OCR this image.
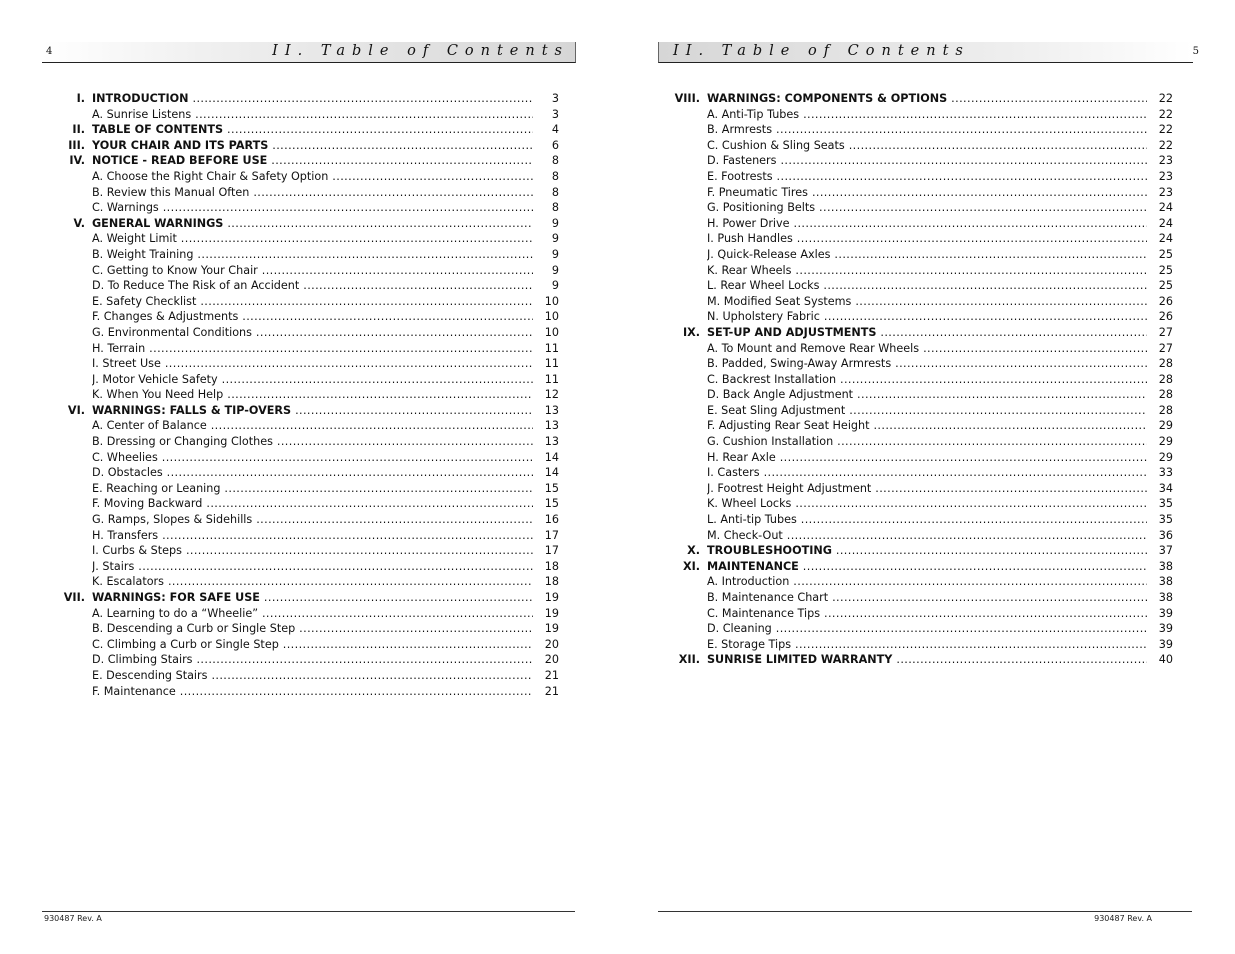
4	II. Table of Contents
I. INTRODUCTION .....	3
A. Sunrise Listens .....	3
II. TABLE OF CONTENTS .....	4
III. YOUR CHAIR AND ITS PARTS .....	6
IV. NOTICE - READ BEFORE USE .....	8
A. Choose the Right Chair & Safety Option .....	8
B. Review this Manual Often .....	8
C. Warnings .....	8
V. GENERAL WARNINGS .....	9
A. Weight Limit .....	9
B. Weight Training .....	9
C. Getting to Know Your Chair .....	9
D. To Reduce The Risk of an Accident .....	9
E. Safety Checklist .....	10
F. Changes & Adjustments .....	10
G. Environmental Conditions .....	10
H. Terrain .....	11
I. Street Use .....	11
J. Motor Vehicle Safety .....	11
K. When You Need Help .....	12
VI. WARNINGS: FALLS & TIP-OVERS .....	13
A. Center of Balance .....	13
B. Dressing or Changing Clothes .....	13
C. Wheelies .....	14
D. Obstacles .....	14
E. Reaching or Leaning .....	15
F. Moving Backward .....	15
G. Ramps, Slopes & Sidehills .....	16
H. Transfers .....	17
I. Curbs & Steps .....	17
J. Stairs .....	18
K. Escalators .....	18
VII. WARNINGS: FOR SAFE USE .....	19
A. Learning to do a “Wheelie” .....	19
B. Descending a Curb or Single Step .....	19
C. Climbing a Curb or Single Step .....	20
D. Climbing Stairs .....	20
E. Descending Stairs .....	21
F. Maintenance .....	21
930487 Rev. A
II. Table of Contents	5
VIII. WARNINGS: COMPONENTS & OPTIONS .....	22
A. Anti-Tip Tubes .....	22
B. Armrests .....	22
C. Cushion & Sling Seats .....	22
D. Fasteners .....	23
E. Footrests .....	23
F. Pneumatic Tires .....	23
G. Positioning Belts .....	24
H. Power Drive .....	24
I. Push Handles .....	24
J. Quick-Release Axles .....	25
K. Rear Wheels .....	25
L. Rear Wheel Locks .....	25
M. Modified Seat Systems .....	26
N. Upholstery Fabric .....	26
IX. SET-UP AND ADJUSTMENTS .....	27
A. To Mount and Remove Rear Wheels .....	27
B. Padded, Swing-Away Armrests .....	28
C. Backrest Installation .....	28
D. Back Angle Adjustment .....	28
E. Seat Sling Adjustment .....	28
F. Adjusting Rear Seat Height .....	29
G. Cushion Installation .....	29
H. Rear Axle .....	29
I. Casters .....	33
J. Footrest Height Adjustment .....	34
K. Wheel Locks .....	35
L. Anti-tip Tubes .....	35
M. Check-Out .....	36
X. TROUBLESHOOTING .....	37
XI. MAINTENANCE .....	38
A. Introduction .....	38
B. Maintenance Chart .....	38
C. Maintenance Tips .....	39
D. Cleaning .....	39
E. Storage Tips .....	39
XII. SUNRISE LIMITED WARRANTY .....	40
930487 Rev. A
